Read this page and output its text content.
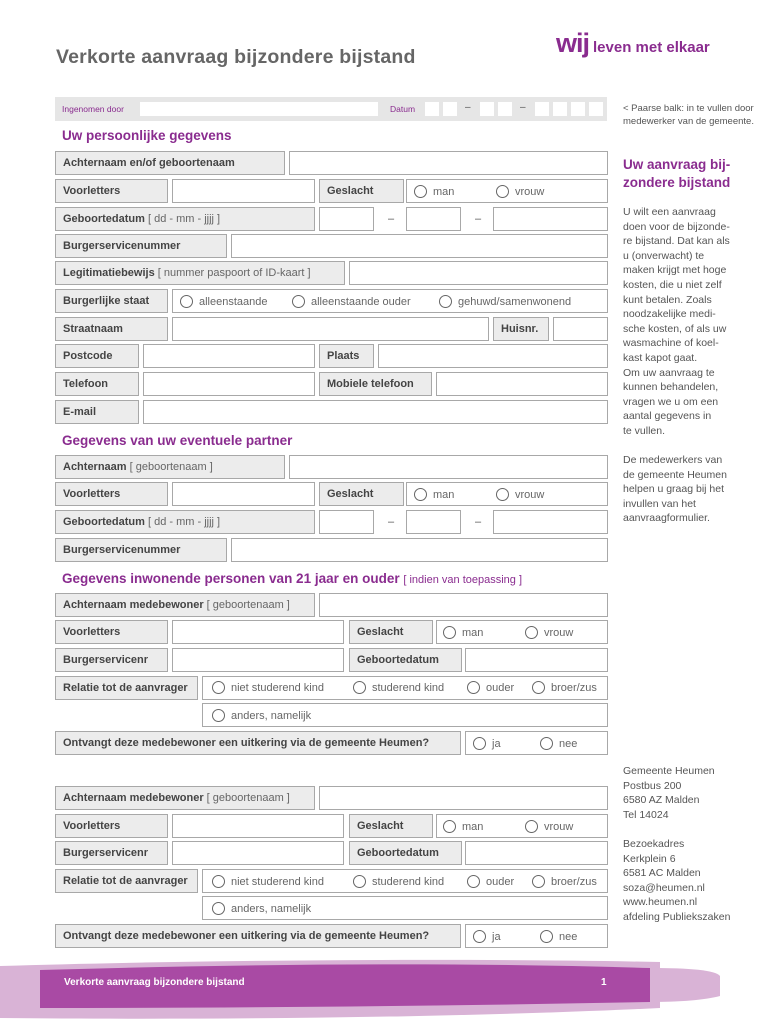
wij leven met elkaar
Verkorte aanvraag bijzondere bijstand
Ingenomen door	Datum	–	–	< Paarse balk: in te vullen door medewerker van de gemeente.
Uw persoonlijke gegevens
Achternaam en/of geboortenaam
Voorletters	Geslacht	man	vrouw
Geboortedatum [ dd - mm - jjjj ]	–	–
Burgerservicenummer
Legitimatiebewijs [ nummer paspoort of ID-kaart ]
Burgerlijke staat	alleenstaande	alleenstaande ouder	gehuwd/samenwonend
Straatnaam	Huisnr.
Postcode	Plaats
Telefoon	Mobiele telefoon
E-mail
Gegevens van uw eventuele partner
Achternaam [ geboortenaam ]
Voorletters	Geslacht	man	vrouw
Geboortedatum [ dd - mm - jjjj ]	–	–
Burgerservicenummer
Gegevens inwonende personen van 21 jaar en ouder [ indien van toepassing ]
Achternaam medebewoner [ geboortenaam ]
Voorletters	Geslacht	man	vrouw
Burgerservicenr	Geboortedatum
Relatie tot de aanvrager	niet studerend kind	studerend kind	ouder	broer/zus
anders, namelijk
Ontvangt deze medebewoner een uitkering via de gemeente Heumen?	ja	nee
Achternaam medebewoner [ geboortenaam ]
Voorletters	Geslacht	man	vrouw
Burgerservicenr	Geboortedatum
Relatie tot de aanvrager	niet studerend kind	studerend kind	ouder	broer/zus
anders, namelijk
Ontvangt deze medebewoner een uitkering via de gemeente Heumen?	ja	nee
Uw aanvraag bij-zondere bijstand
U wilt een aanvraag
doen voor de bijzonde-
re bijstand. Dat kan als
u (onverwacht) te
maken krijgt met hoge
kosten, die u niet zelf
kunt betalen. Zoals
noodzakelijke medi-
sche kosten, of als uw
wasmachine of koel-
kast kapot gaat.
Om uw aanvraag te
kunnen behandelen,
vragen we u om een
aantal gegevens in
te vullen.
De medewerkers van
de gemeente Heumen
helpen u graag bij het
invullen van het
aanvraagformulier.
Gemeente Heumen
Postbus 200
6580 AZ Malden
Tel 14024
Bezoekadres
Kerkplein 6
6581 AC Malden
soza@heumen.nl
www.heumen.nl
afdeling Publiekszaken
Verkorte aanvraag bijzondere bijstand	1
